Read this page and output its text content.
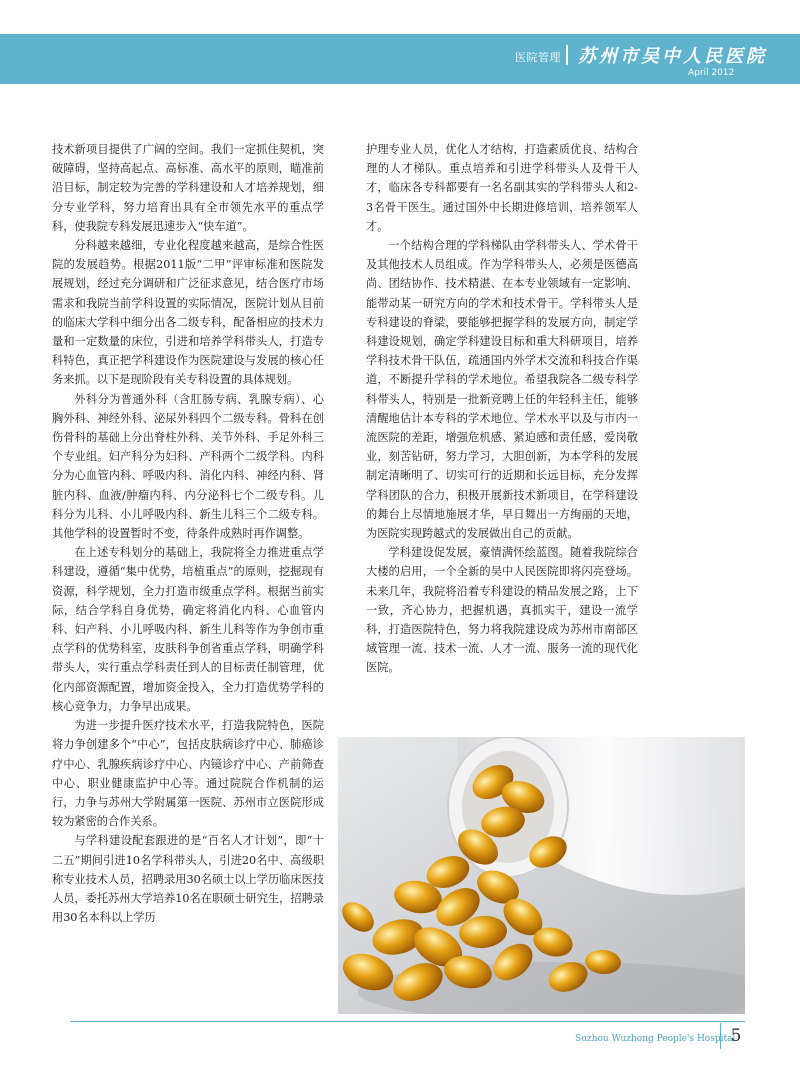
医院管理 苏州市吴中人民医院
April 2012

技术新项目提供了广阔的空间。我们一定抓住契机，突破障碍，坚持高起点、高标准、高水平的原则，瞄准前沿目标，制定较为完善的学科建设和人才培养规划，细分专业学科，努力培育出具有全市领先水平的重点学科，使我院专科发展迅速步入“快车道”。

分科越来越细，专业化程度越来越高，是综合性医院的发展趋势。根据2011版“二甲”评审标准和医院发展规划，经过充分调研和广泛征求意见，结合医疗市场需求和我院当前学科设置的实际情况，医院计划从目前的临床大学科中细分出各二级专科，配备相应的技术力量和一定数量的床位，引进和培养学科带头人，打造专科特色，真正把学科建设作为医院建设与发展的核心任务来抓。以下是现阶段有关专科设置的具体规划。

外科分为普通外科（含肛肠专病、乳腺专病）、心胸外科、神经外科、泌尿外科四个二级专科。骨科在创伤骨科的基础上分出脊柱外科、关节外科、手足外科三个专业组。妇产科分为妇科、产科两个二级学科。内科分为心血管内科、呼吸内科、消化内科、神经内科、肾脏内科、血液/肿瘤内科、内分泌科七个二级专科。儿科分为儿科、小儿呼吸内科、新生儿科三个二级专科。其他学科的设置暂时不变，待条件成熟时再作调整。

在上述专科划分的基础上，我院将全力推进重点学科建设，遵循“集中优势，培植重点”的原则，挖掘现有资源，科学规划，全力打造市级重点学科。根据当前实际，结合学科自身优势，确定将消化内科、心血管内科、妇产科、小儿呼吸内科、新生儿科等作为争创市重点学科的优势科室，皮肤科争创省重点学科，明确学科带头人，实行重点学科责任到人的目标责任制管理，优化内部资源配置，增加资金投入，全力打造优势学科的核心竞争力，力争早出成果。

为进一步提升医疗技术水平，打造我院特色，医院将力争创建多个“中心”，包括皮肤病诊疗中心、肺癌诊疗中心、乳腺疾病诊疗中心、内镜诊疗中心、产前筛查中心、职业健康监护中心等。通过院院合作机制的运行，力争与苏州大学附属第一医院、苏州市立医院形成较为紧密的合作关系。

与学科建设配套跟进的是“百名人才计划”，即“十二五”期间引进10名学科带头人，引进20名中、高级职称专业技术人员，招聘录用30名硕士以上学历临床医技人员，委托苏州大学培养10名在职硕士研究生，招聘录用30名本科以上学历

护理专业人员，优化人才结构，打造素质优良、结构合理的人才梯队。重点培养和引进学科带头人及骨干人才，临床各专科都要有一名名副其实的学科带头人和2-3名骨干医生。通过国外中长期进修培训，培养领军人才。

一个结构合理的学科梯队由学科带头人、学术骨干及其他技术人员组成。作为学科带头人，必须是医德高尚、团结协作、技术精湛、在本专业领域有一定影响、能带动某一研究方向的学术和技术骨干。学科带头人是专科建设的脊梁，要能够把握学科的发展方向，制定学科建设规划，确定学科建设目标和重大科研项目，培养学科技术骨干队伍，疏通国内外学术交流和科技合作渠道，不断提升学科的学术地位。希望我院各二级专科学科带头人，特别是一批新竞聘上任的年轻科主任，能够清醒地估计本专科的学术地位、学术水平以及与市内一流医院的差距，增强危机感、紧迫感和责任感，爱岗敬业，刻苦钻研，努力学习，大胆创新，为本学科的发展制定清晰明了、切实可行的近期和长远目标，充分发挥学科团队的合力，积极开展新技术新项目，在学科建设的舞台上尽情地施展才华，早日舞出一方绚丽的天地，为医院实现跨越式的发展做出自己的贡献。

学科建设促发展，豪情满怀绘蓝图。随着我院综合大楼的启用，一个全新的吴中人民医院即将闪亮登场。未来几年，我院将沿着专科建设的精品发展之路，上下一致，齐心协力，把握机遇，真抓实干，建设一流学科，打造医院特色，努力将我院建设成为苏州市南部区域管理一流、技术一流、人才一流、服务一流的现代化医院。

Suzhou Wuzhong People's Hospital
5
